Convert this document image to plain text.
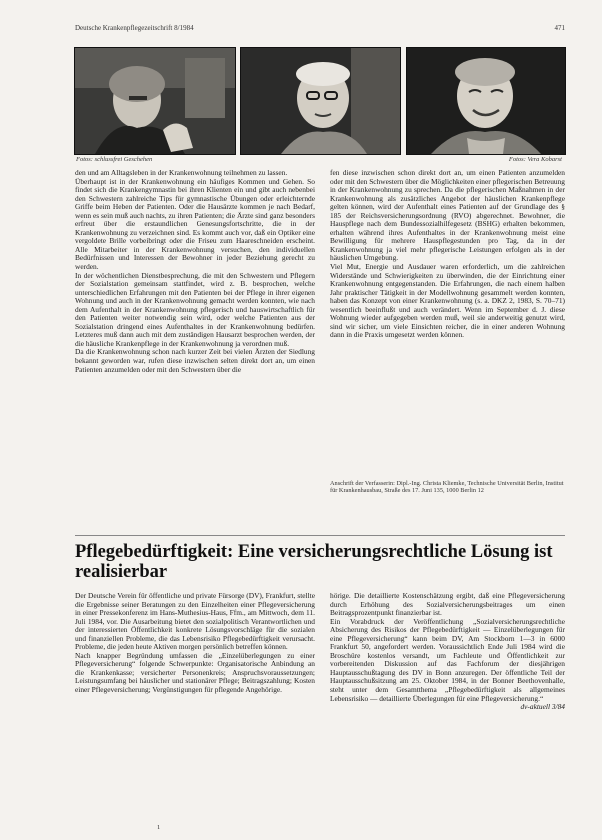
Deutsche Krankenpflegezeitschrift 8/1984	471
Fotos: schlussfrei Geschehen	Fotos: Vera Kobarst

den und am Alltagsleben in der Krankenwohnung teilnehmen zu lassen.

Überhaupt ist in der Krankenwohnung ein häufiges Kommen und Gehen. So findet sich die Krankengymnastin bei ihren Klienten ein und gibt auch nebenbei den Schwestern zahlreiche Tips für gymnastische Übungen oder erleichternde Griffe beim Heben der Patienten. Oder die Hausärzte kommen je nach Bedarf, wenn es sein muß auch nachts, zu ihren Patienten; die Ärzte sind ganz besonders erfreut über die erstaundlichen Genesungsfortschritte, die in der Krankenwohnung zu verzeichnen sind. Es kommt auch vor, daß ein Optiker eine vergoldete Brille vorbeibringt oder die Friseu zum Haareschneiden erscheint. Alle Mitarbeiter in der Krankenwohnung versuchen, den individuellen Bedürfnissen und Interessen der Bewohner in jeder Beziehung gerecht zu werden.

In der wöchentlichen Dienstbesprechung, die mit den Schwestern und Pflegern der Sozialstation gemeinsam stattfindet, wird z. B. besprochen, welche unterschiedlichen Erfahrungen mit den Patienten bei der Pflege in ihrer eigenen Wohnung und auch in der Krankenwohnung gemacht werden konnten, wie nach dem Aufenthalt in der Krankenwohnung pflegerisch und hauswirtschaftlich für den Patienten weiter notwendig sein wird, oder welche Patienten aus der Sozialstation dringend eines Aufenthaltes in der Krankenwohnung bedürfen. Letzteres muß dann auch mit dem zuständigen Hausarzt besprochen werden, der die häusliche Krankenpflege in der Krankenwohnung ja verordnen muß.

Da die Krankenwohnung schon nach kurzer Zeit bei vielen Ärzten der Siedlung bekannt geworden war, rufen diese inzwischen selten direkt dort an, um einen Patienten anzumelden oder mit den Schwestern über die

fen diese inzwischen schon direkt dort an, um einen Patienten anzumelden oder mit den Schwestern über die Möglichkeiten einer pflegerischen Betreuung in der Krankenwohnung zu sprechen. Da die pflegerischen Maßnahmen in der Krankenwohnung als zusätzliches Angebot der häuslichen Krankenpflege gelten können, wird der Aufenthalt eines Patienten auf der Grundlage des § 185 der Reichsversicherungsordnung (RVO) abgerechnet. Bewohner, die Hauspflege nach dem Bundessozialhilfegesetz (BSHG) erhalten bekommen, erhalten während ihres Aufenthaltes in der Krankenwohnung meist eine Bewilligung für mehrere Hauspflegestunden pro Tag, da in der Krankenwohnung ja viel mehr pflegerische Leistungen erfolgen als in der häuslichen Umgebung.

Viel Mut, Energie und Ausdauer waren erforderlich, um die zahlreichen Widerstände und Schwierigkeiten zu überwinden, die der Einrichtung einer Krankenwohnung entgegenstanden. Die Erfahrungen, die nach einem halben Jahr praktischer Tätigkeit in der Modellwohnung gesammelt werden konnten, haben das Konzept von einer Krankenwohnung (s. a. DKZ 2, 1983, S. 70–71) wesentlich beeinflußt und auch verändert. Wenn im September d. J. diese Wohnung wieder aufgegeben werden muß, weil sie anderweitig genutzt wird, sind wir sicher, um viele Einsichten reicher, die in einer anderen Wohnung dann in die Praxis umgesetzt werden können.

Anschrift der Verfasserin: Dipl.-Ing. Christa Kliemke, Technische Universität Berlin, Institut für Krankenhausbau, Straße des 17. Juni 135, 1000 Berlin 12
Pflegebedürftigkeit: Eine versicherungsrechtliche Lösung ist realisierbar

Der Deutsche Verein für öffentliche und private Fürsorge (DV), Frankfurt, stellte die Ergebnisse seiner Beratungen zu den Einzelheiten einer Pflegeversicherung in einer Pressekonferenz im Hans-Muthesius-Haus, Ffm., am Mittwoch, dem 11. Juli 1984, vor. Die Ausarbeitung bietet den sozialpolitisch Verantwortlichen und der interessierten Öffentlichkeit konkrete Lösungsvorschläge für die sozialen und finanziellen Probleme, die das Lebensrisiko Pflegebedürftigkeit verursacht. Probleme, die jeden heute Aktiven morgen persönlich betreffen können.

Nach knapper Begründung umfassen die „Einzelüberlegungen zu einer Pflegeversicherung“ folgende Schwerpunkte: Organisatorische Anbindung an die Krankenkasse; versicherter Personenkreis; Anspruchsvoraussetzungen; Leistungsumfang bei häuslicher und stationärer Pflege; Beitragszahlung; Kosten einer Pflegeversicherung; Vergünstigungen für pflegende Angehörige.

hörige. Die detaillierte Kostenschätzung ergibt, daß eine Pflegeversicherung durch Erhöhung des Sozialversicherungsbeitrages um einen Beitragsprozentpunkt finanzierbar ist.

Ein Vorabdruck der Veröffentlichung „Sozialversicherungsrechtliche Absicherung des Risikos der Pflegebedürftigkeit — Einzelüberlegungen für eine Pflegeversicherung“ kann beim DV, Am Stockborn 1—3 in 6000 Frankfurt 50, angefordert werden. Voraussichtlich Ende Juli 1984 wird die Broschüre kostenlos versandt, um Fachleute und Öffentlichkeit zur vorbereitenden Diskussion auf das Fachforum der diesjährigen Hauptausschußtagung des DV in Bonn anzuregen. Der öffentliche Teil der Hauptausschußsitzung am 25. Oktober 1984, in der Bonner Beethovenhalle, steht unter dem Gesamtthema „Pflegebedürftigkeit als allgemeines Lebensrisiko — detaillierte Überlegungen für eine Pflegeversicherung.“

dv-aktuell 3/84
1
